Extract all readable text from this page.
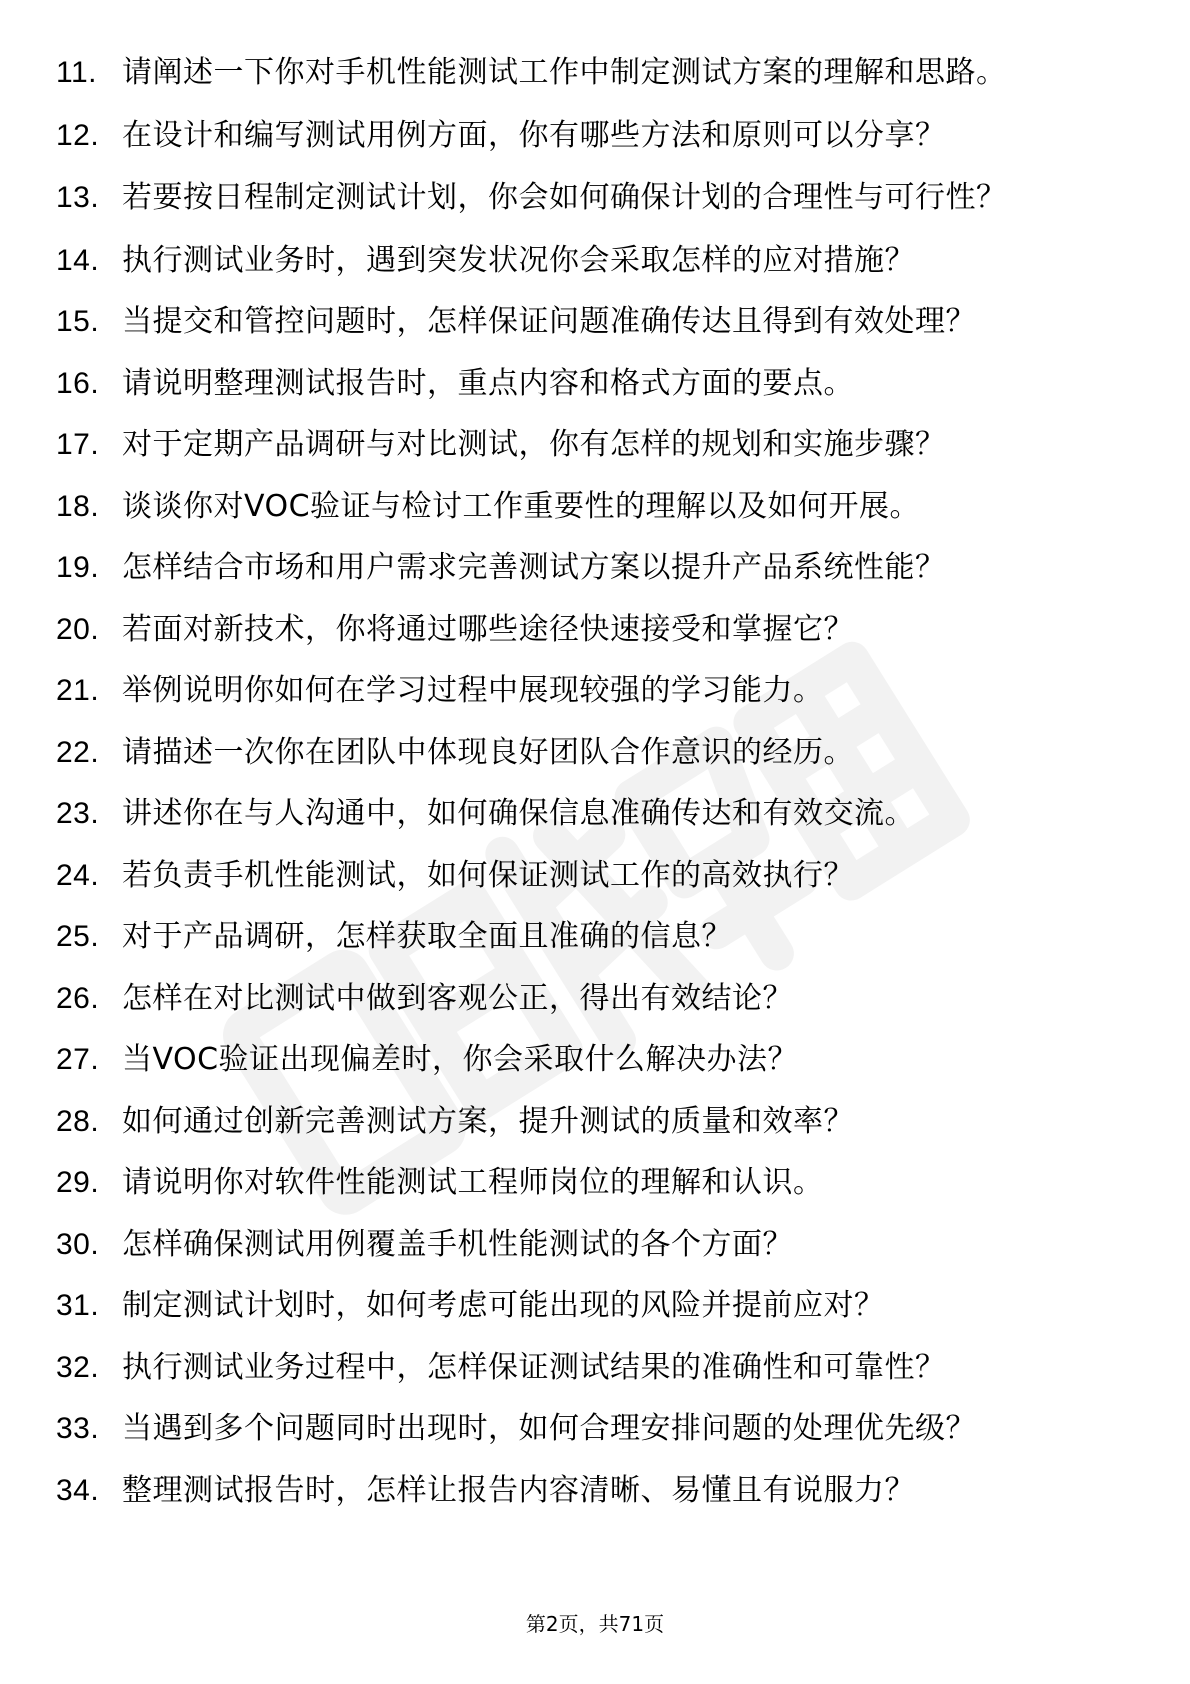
11. 请阐述一下你对手机性能测试工作中制定测试方案的理解和思路。
12. 在设计和编写测试用例方面，你有哪些方法和原则可以分享？
13. 若要按日程制定测试计划，你会如何确保计划的合理性与可行性？
14. 执行测试业务时，遇到突发状况你会采取怎样的应对措施？
15. 当提交和管控问题时，怎样保证问题准确传达且得到有效处理？
16. 请说明整理测试报告时，重点内容和格式方面的要点。
17. 对于定期产品调研与对比测试，你有怎样的规划和实施步骤？
18. 谈谈你对VOC验证与检讨工作重要性的理解以及如何开展。
19. 怎样结合市场和用户需求完善测试方案以提升产品系统性能？
20. 若面对新技术，你将通过哪些途径快速接受和掌握它？
21. 举例说明你如何在学习过程中展现较强的学习能力。
22. 请描述一次你在团队中体现良好团队合作意识的经历。
23. 讲述你在与人沟通中，如何确保信息准确传达和有效交流。
24. 若负责手机性能测试，如何保证测试工作的高效执行？
25. 对于产品调研，怎样获取全面且准确的信息？
26. 怎样在对比测试中做到客观公正，得出有效结论？
27. 当VOC验证出现偏差时，你会采取什么解决办法？
28. 如何通过创新完善测试方案，提升测试的质量和效率？
29. 请说明你对软件性能测试工程师岗位的理解和认识。
30. 怎样确保测试用例覆盖手机性能测试的各个方面？
31. 制定测试计划时，如何考虑可能出现的风险并提前应对？
32. 执行测试业务过程中，怎样保证测试结果的准确性和可靠性？
33. 当遇到多个问题同时出现时，如何合理安排问题的处理优先级？
34. 整理测试报告时，怎样让报告内容清晰、易懂且有说服力？
第2页，共71页
